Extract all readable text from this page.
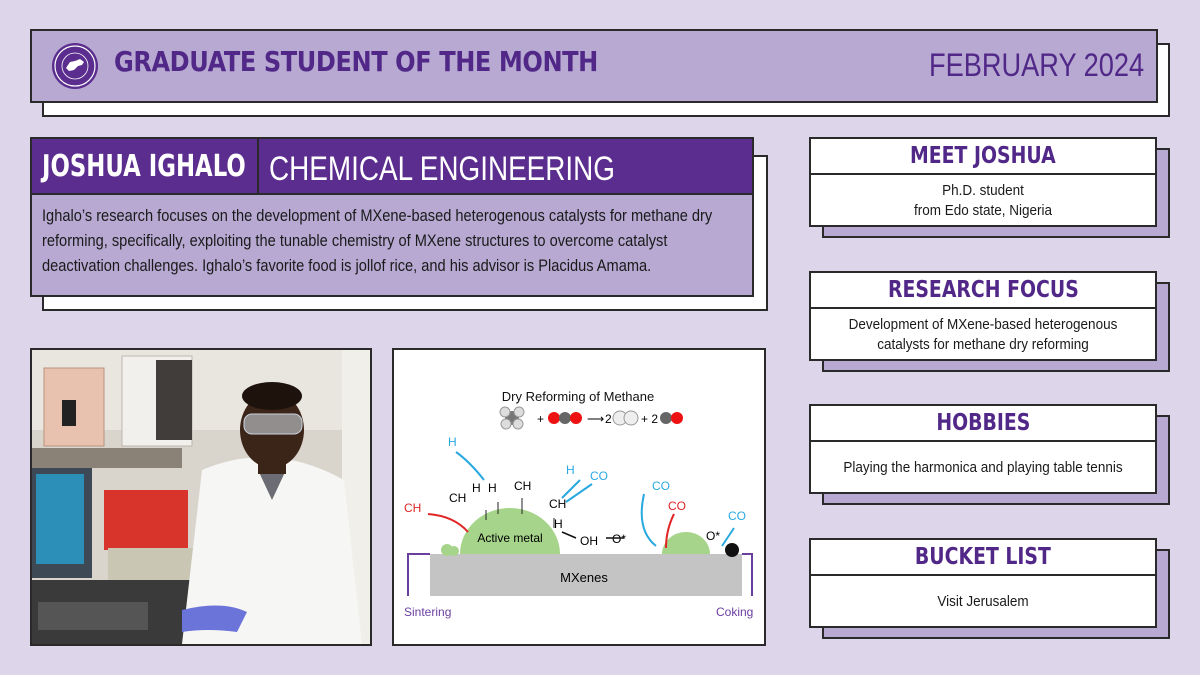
GRADUATE STUDENT OF THE MONTH	FEBRUARY 2024
JOSHUA IGHALO CHEMICAL ENGINEERING
Ighalo’s research focuses on the development of MXene-based heterogenous catalysts for methane dry reforming, specifically, exploiting the tunable chemistry of MXene structures to overcome catalyst deactivation challenges. Ighalo’s favorite food is jollof rice, and his advisor is Placidus Amama.
Dry Reforming of Methane
+	⟶ 2 + 2
MXenes
Active metal
CH
H H CH
CH
H
OH O*	O*
CH
H
H CO
CO
CO
CO
Sintering	Coking
MEET JOSHUA
Ph.D. student
from Edo state, Nigeria
RESEARCH FOCUS
Development of MXene-based heterogenous
catalysts for methane dry reforming
HOBBIES
Playing the harmonica and playing table tennis
BUCKET LIST
Visit Jerusalem
